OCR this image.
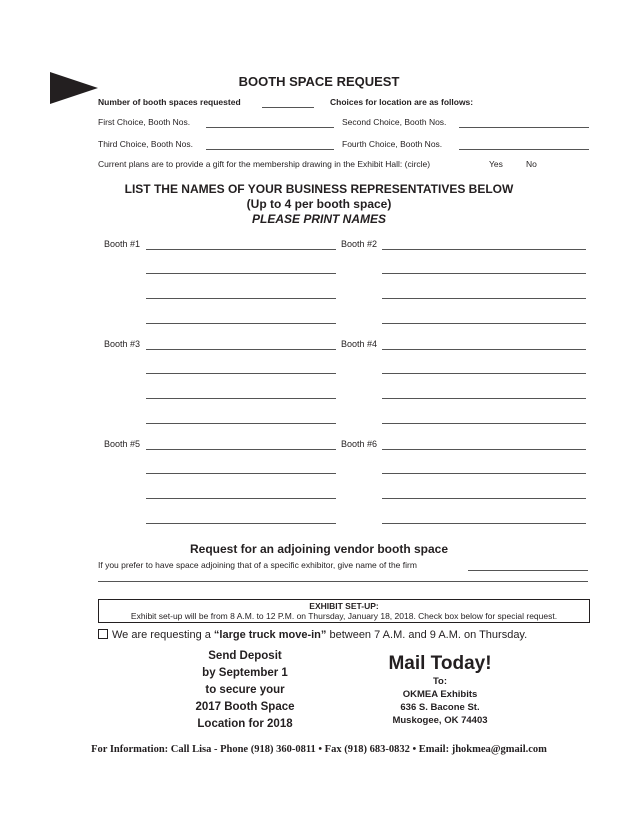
BOOTH SPACE REQUEST
Number of booth spaces requested	Choices for location are as follows:
First Choice, Booth Nos.	Second Choice, Booth Nos.
Third Choice, Booth Nos.	Fourth Choice, Booth Nos.
Current plans are to provide a gift for the membership drawing in the Exhibit Hall: (circle)	Yes	No
LIST THE NAMES OF YOUR BUSINESS REPRESENTATIVES BELOW
(Up to 4 per booth space)
PLEASE PRINT NAMES
Booth #1	Booth #2
Booth #3	Booth #4
Booth #5	Booth #6
Request for an adjoining vendor booth space
If you prefer to have space adjoining that of a specific exhibitor, give name of the firm
EXHIBIT SET-UP:
Exhibit set-up will be from 8 A.M. to 12 P.M. on Thursday, January 18, 2018. Check box below for special request.
We are requesting a “large truck move-in” between 7 A.M. and 9 A.M. on Thursday.
Send Deposit
by September 1
to secure your
2017 Booth Space
Location for 2018
Mail Today!
To:
OKMEA Exhibits
636 S. Bacone St.
Muskogee, OK 74403
For Information: Call Lisa - Phone (918) 360-0811 • Fax (918) 683-0832 • Email: jhokmea@gmail.com
